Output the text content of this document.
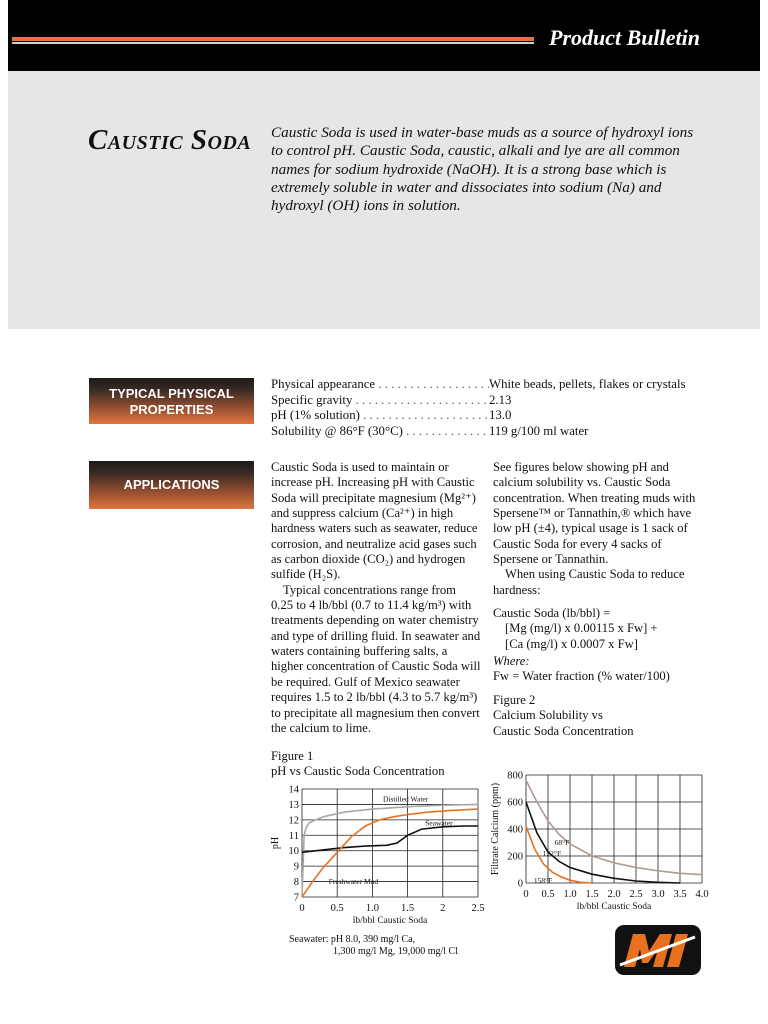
Product Bulletin
Caustic Soda Caustic Soda is used in water-base muds as a source of hydroxyl ions to control pH. Caustic Soda, caustic, alkali and lye are all common names for sodium hydroxide (NaOH). It is a strong base which is extremely soluble in water and dissociates into sodium (Na) and hydroxyl (OH) ions in solution.

TYPICAL PHYSICAL PROPERTIES
Physical appearance . . .	White beads, pellets, flakes or crystals
Specific gravity . . .	2.13
pH (1% solution) . . .	13.0
Solubility @ 86°F (30°C) . . .	119 g/100 ml water
APPLICATIONS

Caustic Soda is used to maintain or increase pH. Increasing pH with Caustic Soda will precipitate magnesium (Mg²⁺) and suppress calcium (Ca²⁺) in high hardness waters such as seawater, reduce corrosion, and neutralize acid gases such as carbon dioxide (CO₂) and hydrogen sulfide (H₂S).

Typical concentrations range from 0.25 to 4 lb/bbl (0.7 to 11.4 kg/m³) with treatments depending on water chemistry and type of drilling fluid. In seawater and waters containing buffering salts, a higher concentration of Caustic Soda will be required. Gulf of Mexico seawater requires 1.5 to 2 lb/bbl (4.3 to 5.7 kg/m³) to precipitate all magnesium then convert the calcium to lime.

See figures below showing pH and calcium solubility vs. Caustic Soda concentration. When treating muds with Spersene™ or Tannathin,® which have low pH (±4), typical usage is 1 sack of Caustic Soda for every 4 sacks of Spersene or Tannathin.

When using Caustic Soda to reduce hardness:

Caustic Soda (lb/bbl) =
[Mg (mg/l) x 0.00115 x Fw] +
[Ca (mg/l) x 0.0007 x Fw]
Where:
Fw = Water fraction (% water/100)
Figure 2
Calcium Solubility vs
Caustic Soda Concentration
Figure 1
pH vs Caustic Soda Concentration
0 0.5 1.0 1.5 2 2.5
7
8
9
10
11
12
13
14
Distilled Water
Seawater
Freshwater Mud
lb/bbl Caustic Soda
pH
0 0.5 1.0 1.5 2.0 2.5 3.0 3.5 4.0
0
200
400
600
800
68°F
122°F
158°F
lb/bbl Caustic Soda
Filtrate Calcium (ppm)
Seawater: pH 8.0, 390 mg/l Ca,
1,300 mg/l Mg, 19,000 mg/l Cl
